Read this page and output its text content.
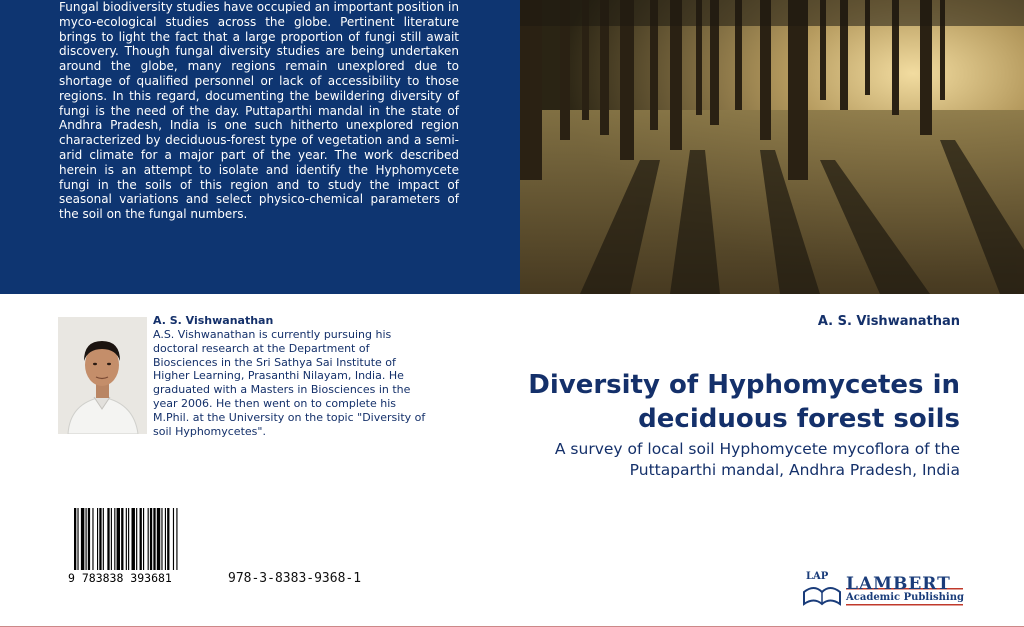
Fungal biodiversity studies have occupied an important position in myco-ecological studies across the globe. Pertinent literature brings to light the fact that a large proportion of fungi still await discovery. Though fungal diversity studies are being undertaken around the globe, many regions remain unexplored due to shortage of qualified personnel or lack of accessibility to those regions. In this regard, documenting the bewildering diversity of fungi is the need of the day. Puttaparthi mandal in the state of Andhra Pradesh, India is one such hitherto unexplored region characterized by deciduous-forest type of vegetation and a semi-arid climate for a major part of the year. The work described herein is an attempt to isolate and identify the Hyphomycete fungi in the soils of this region and to study the impact of seasonal variations and select physico-chemical parameters of the soil on the fungal numbers.

A. S. Vishwanathan

A.S. Vishwanathan is currently pursuing his doctoral research at the Department of Biosciences in the Sri Sathya Sai Institute of Higher Learning, Prasanthi Nilayam, India. He graduated with a Masters in Biosciences in the year 2006. He then went on to complete his M.Phil. at the University on the topic "Diversity of soil Hyphomycetes".

A. S. Vishwanathan
Diversity of Hyphomycetes in deciduous forest soils

A survey of local soil Hyphomycete mycoflora of the Puttaparthi mandal, Andhra Pradesh, India

9 783838 393681	978-3-8383-9368-1	LAP LAMBERT
Academic Publishing
